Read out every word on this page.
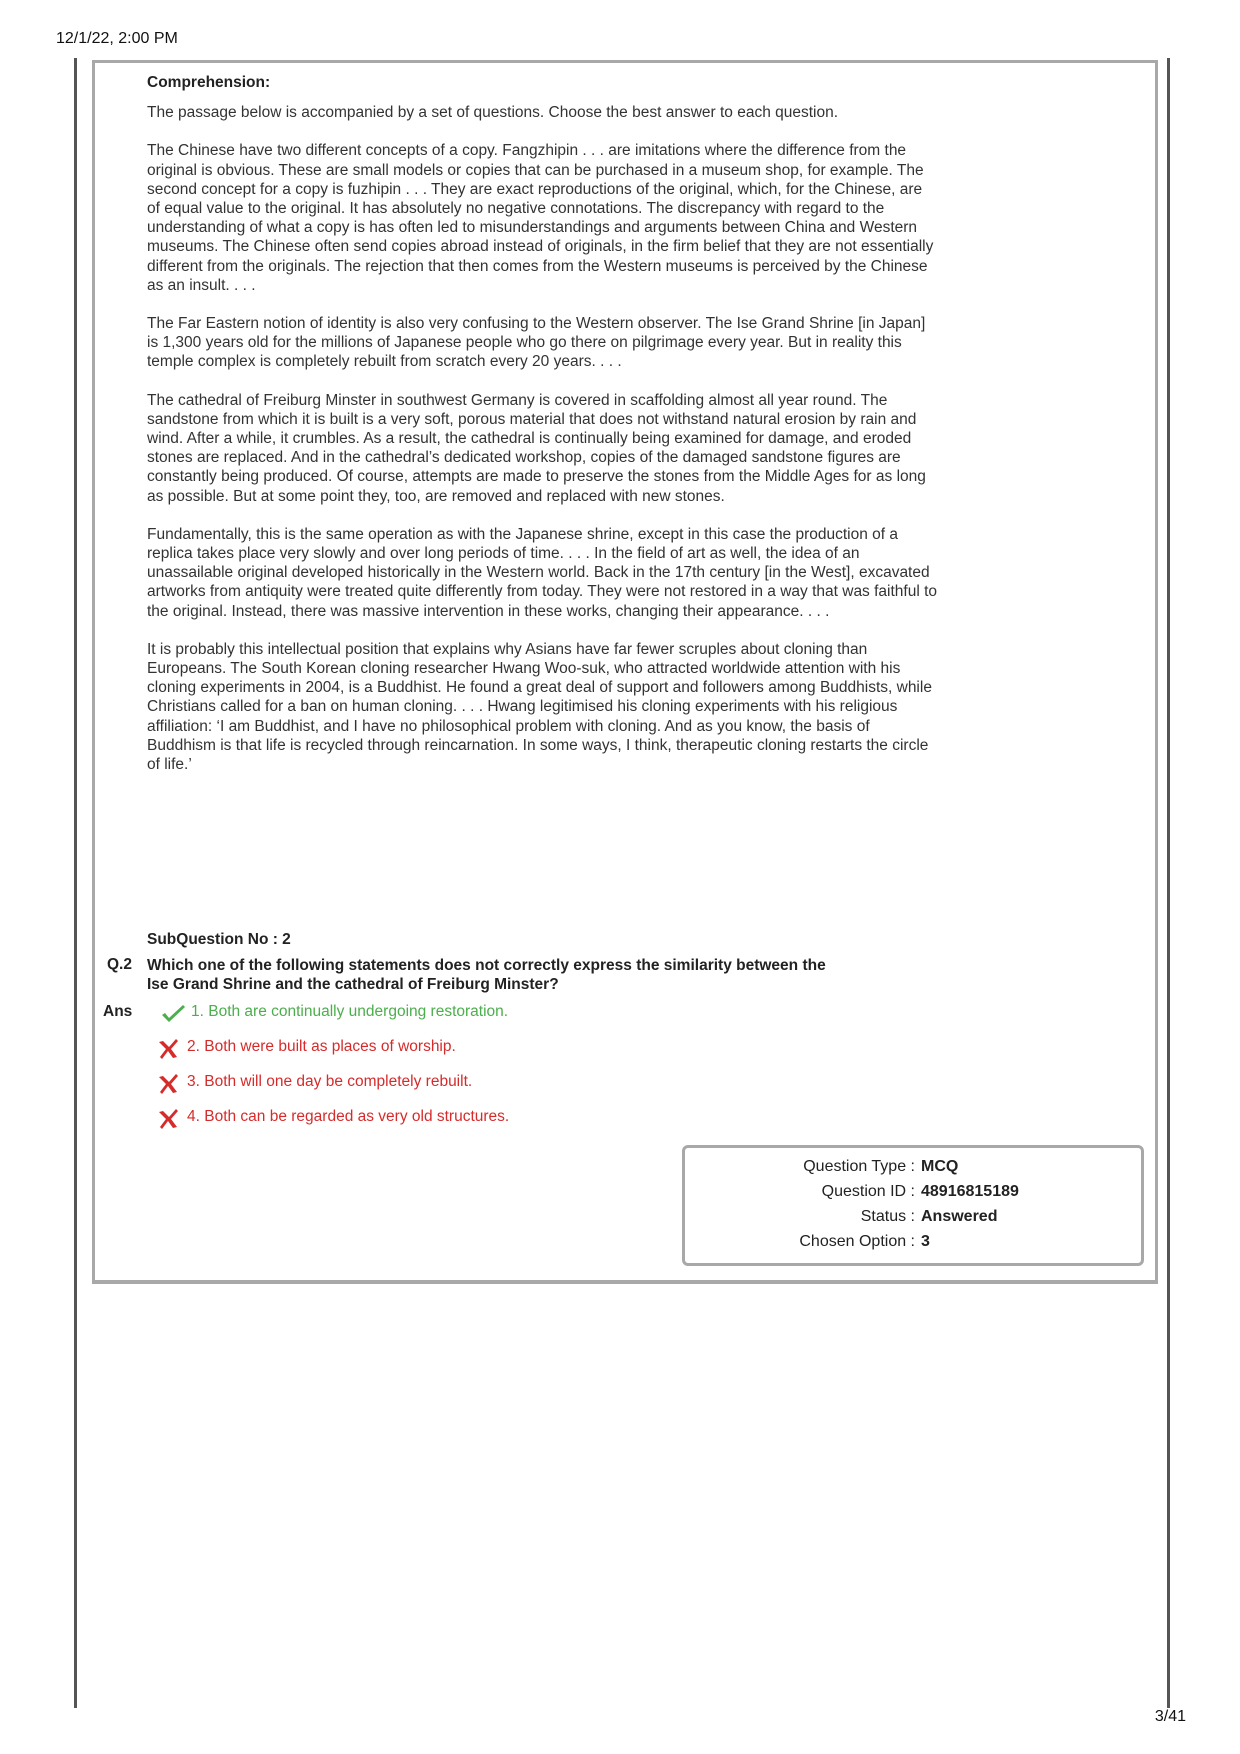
12/1/22, 2:00 PM
Comprehension:

The passage below is accompanied by a set of questions. Choose the best answer to each question.

The Chinese have two different concepts of a copy. Fangzhipin . . . are imitations where the difference from the original is obvious. These are small models or copies that can be purchased in a museum shop, for example. The second concept for a copy is fuzhipin . . . They are exact reproductions of the original, which, for the Chinese, are of equal value to the original. It has absolutely no negative connotations. The discrepancy with regard to the understanding of what a copy is has often led to misunderstandings and arguments between China and Western museums. The Chinese often send copies abroad instead of originals, in the firm belief that they are not essentially different from the originals. The rejection that then comes from the Western museums is perceived by the Chinese as an insult. . . .

The Far Eastern notion of identity is also very confusing to the Western observer. The Ise Grand Shrine [in Japan] is 1,300 years old for the millions of Japanese people who go there on pilgrimage every year. But in reality this temple complex is completely rebuilt from scratch every 20 years. . . .

The cathedral of Freiburg Minster in southwest Germany is covered in scaffolding almost all year round. The sandstone from which it is built is a very soft, porous material that does not withstand natural erosion by rain and wind. After a while, it crumbles. As a result, the cathedral is continually being examined for damage, and eroded stones are replaced. And in the cathedral’s dedicated workshop, copies of the damaged sandstone figures are constantly being produced. Of course, attempts are made to preserve the stones from the Middle Ages for as long as possible. But at some point they, too, are removed and replaced with new stones.

Fundamentally, this is the same operation as with the Japanese shrine, except in this case the production of a replica takes place very slowly and over long periods of time. . . . In the field of art as well, the idea of an unassailable original developed historically in the Western world. Back in the 17th century [in the West], excavated artworks from antiquity were treated quite differently from today. They were not restored in a way that was faithful to the original. Instead, there was massive intervention in these works, changing their appearance. . . .

It is probably this intellectual position that explains why Asians have far fewer scruples about cloning than Europeans. The South Korean cloning researcher Hwang Woo-suk, who attracted worldwide attention with his cloning experiments in 2004, is a Buddhist. He found a great deal of support and followers among Buddhists, while Christians called for a ban on human cloning. . . . Hwang legitimised his cloning experiments with his religious affiliation: ‘I am Buddhist, and I have no philosophical problem with cloning. And as you know, the basis of Buddhism is that life is recycled through reincarnation. In some ways, I think, therapeutic cloning restarts the circle of life.’

SubQuestion No : 2
Q.2 Which one of the following statements does not correctly express the similarity between the Ise Grand Shrine and the cathedral of Freiburg Minster?
Ans	1. Both are continually undergoing restoration.
2. Both were built as places of worship.
3. Both will one day be completely rebuilt.
4. Both can be regarded as very old structures.
Question Type : MCQ
Question ID : 48916815189
Status : Answered
Chosen Option : 3
3/41
